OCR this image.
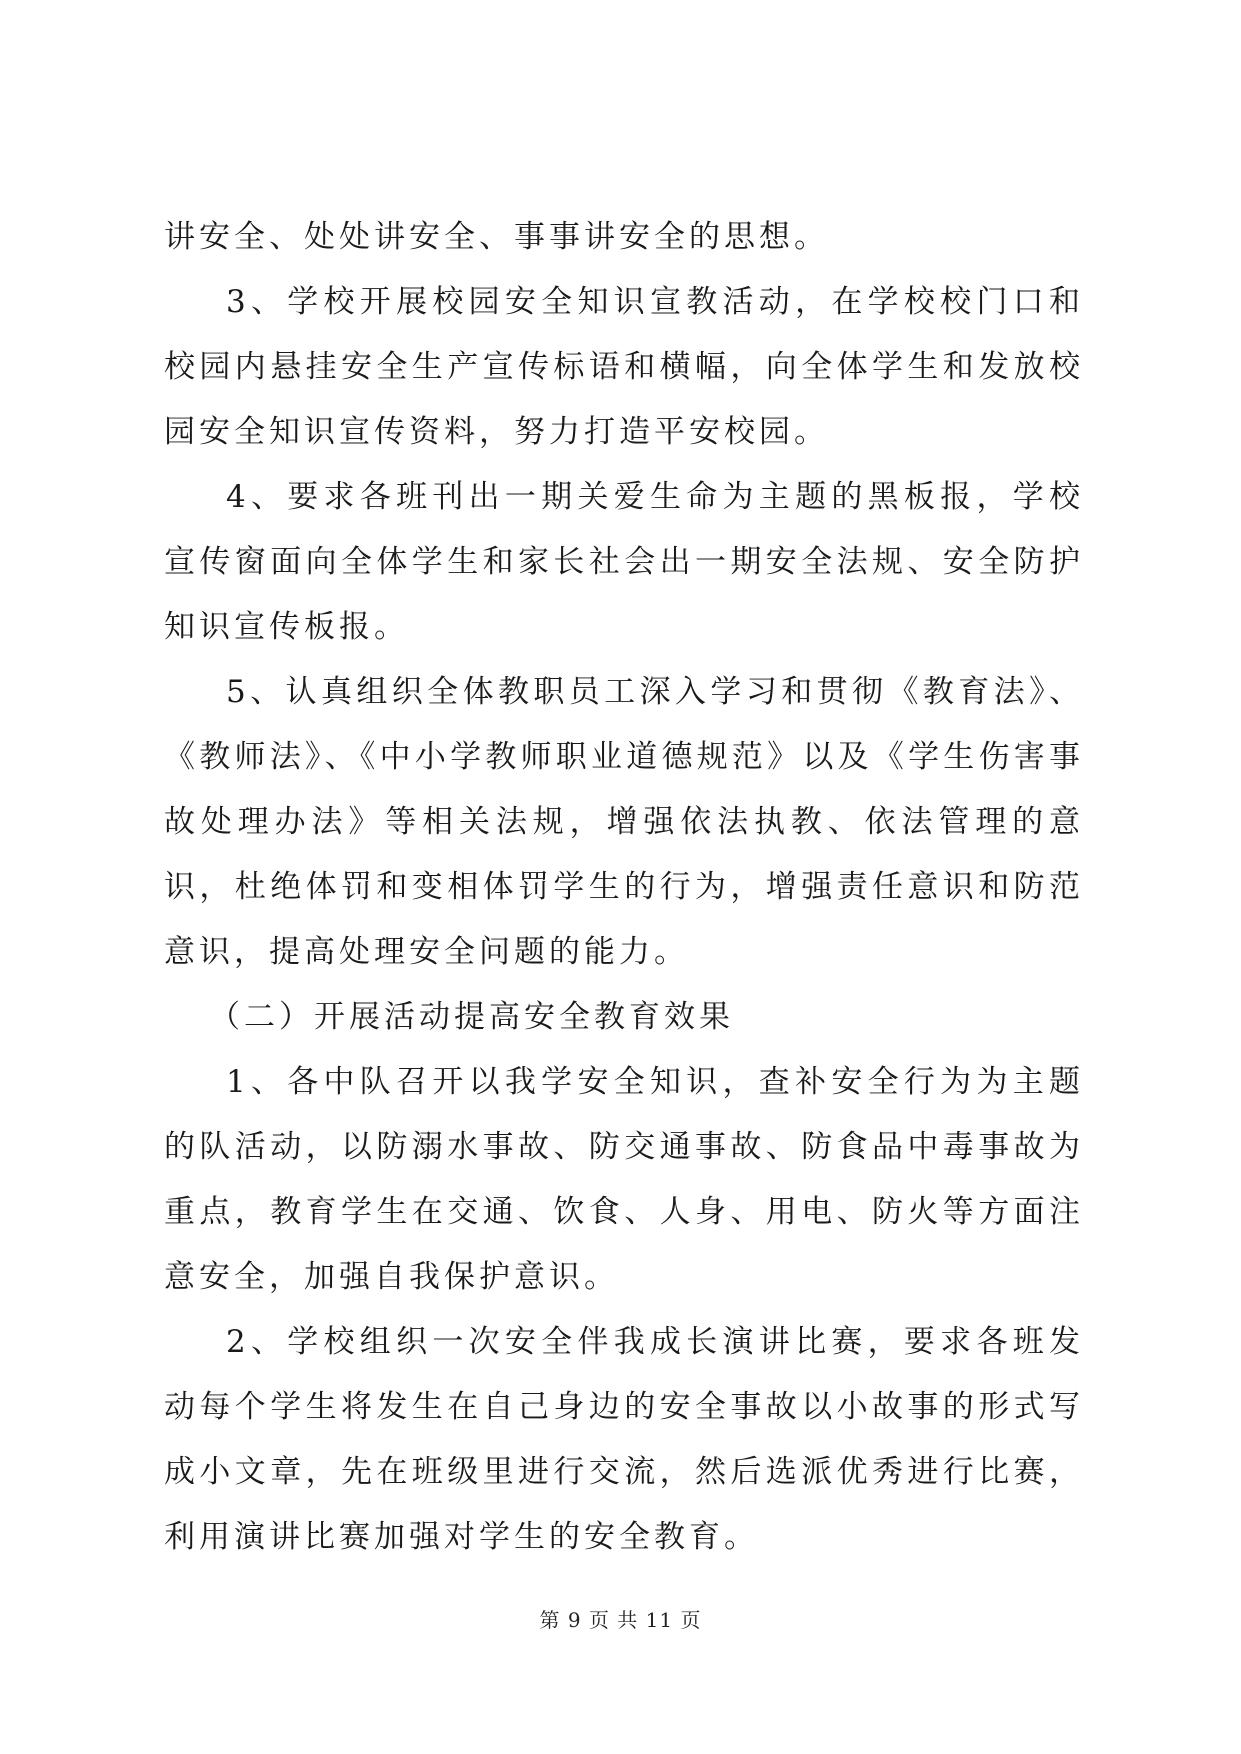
讲安全、处处讲安全、事事讲安全的思想。

3、学校开展校园安全知识宣教活动，在学校校门口和校园内悬挂安全生产宣传标语和横幅，向全体学生和发放校园安全知识宣传资料，努力打造平安校园。

4、要求各班刊出一期关爱生命为主题的黑板报，学校宣传窗面向全体学生和家长社会出一期安全法规、安全防护知识宣传板报。

5、认真组织全体教职员工深入学习和贯彻《教育法》、《教师法》、《中小学教师职业道德规范》以及《学生伤害事故处理办法》等相关法规，增强依法执教、依法管理的意识，杜绝体罚和变相体罚学生的行为，增强责任意识和防范意识，提高处理安全问题的能力。

（二）开展活动提高安全教育效果

1、各中队召开以我学安全知识，查补安全行为为主题的队活动，以防溺水事故、防交通事故、防食品中毒事故为重点，教育学生在交通、饮食、人身、用电、防火等方面注意安全，加强自我保护意识。

2、学校组织一次安全伴我成长演讲比赛，要求各班发动每个学生将发生在自己身边的安全事故以小故事的形式写成小文章，先在班级里进行交流，然后选派优秀进行比赛，利用演讲比赛加强对学生的安全教育。

第 9 页 共 11 页
